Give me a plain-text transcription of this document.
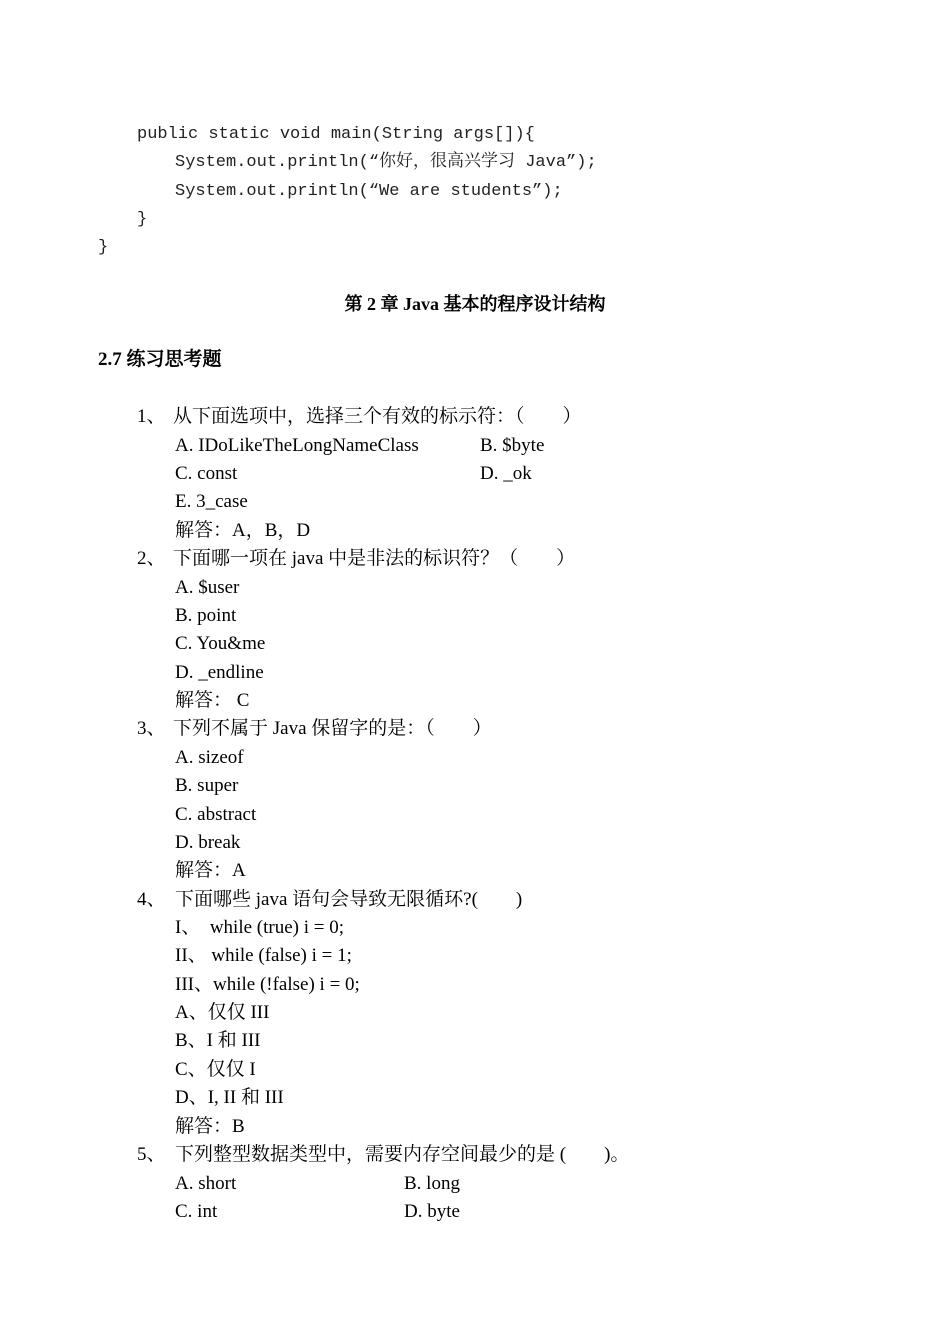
public static void main(String args[]){
System.out.println(“你好，很高兴学习 Java”);
System.out.println(“We are students”);
}
}
第 2 章 Java 基本的程序设计结构
2.7 练习思考题
1、 从下面选项中，选择三个有效的标示符：（　　）
A. IDoLikeTheLongNameClass	B. $byte
C. const	D. _ok
E. 3_case
解答：A，B，D
2、 下面哪一项在 java 中是非法的标识符？（　　）
A. $user
B. point
C. You&me
D. _endline
解答： C
3、 下列不属于 Java 保留字的是：（　　）
A. sizeof
B. super
C. abstract
D. break
解答：A
4、 下面哪些 java 语句会导致无限循环?(　　)
I、　while (true) i = 0;
II、 while (false) i = 1;
III、while (!false) i = 0;
A、仅仅 III
B、I 和 III
C、仅仅 I
D、I, II 和 III
解答：B
5、 下列整型数据类型中，需要内存空间最少的是 (　　)。
A. short	B. long
C. int	D. byte
